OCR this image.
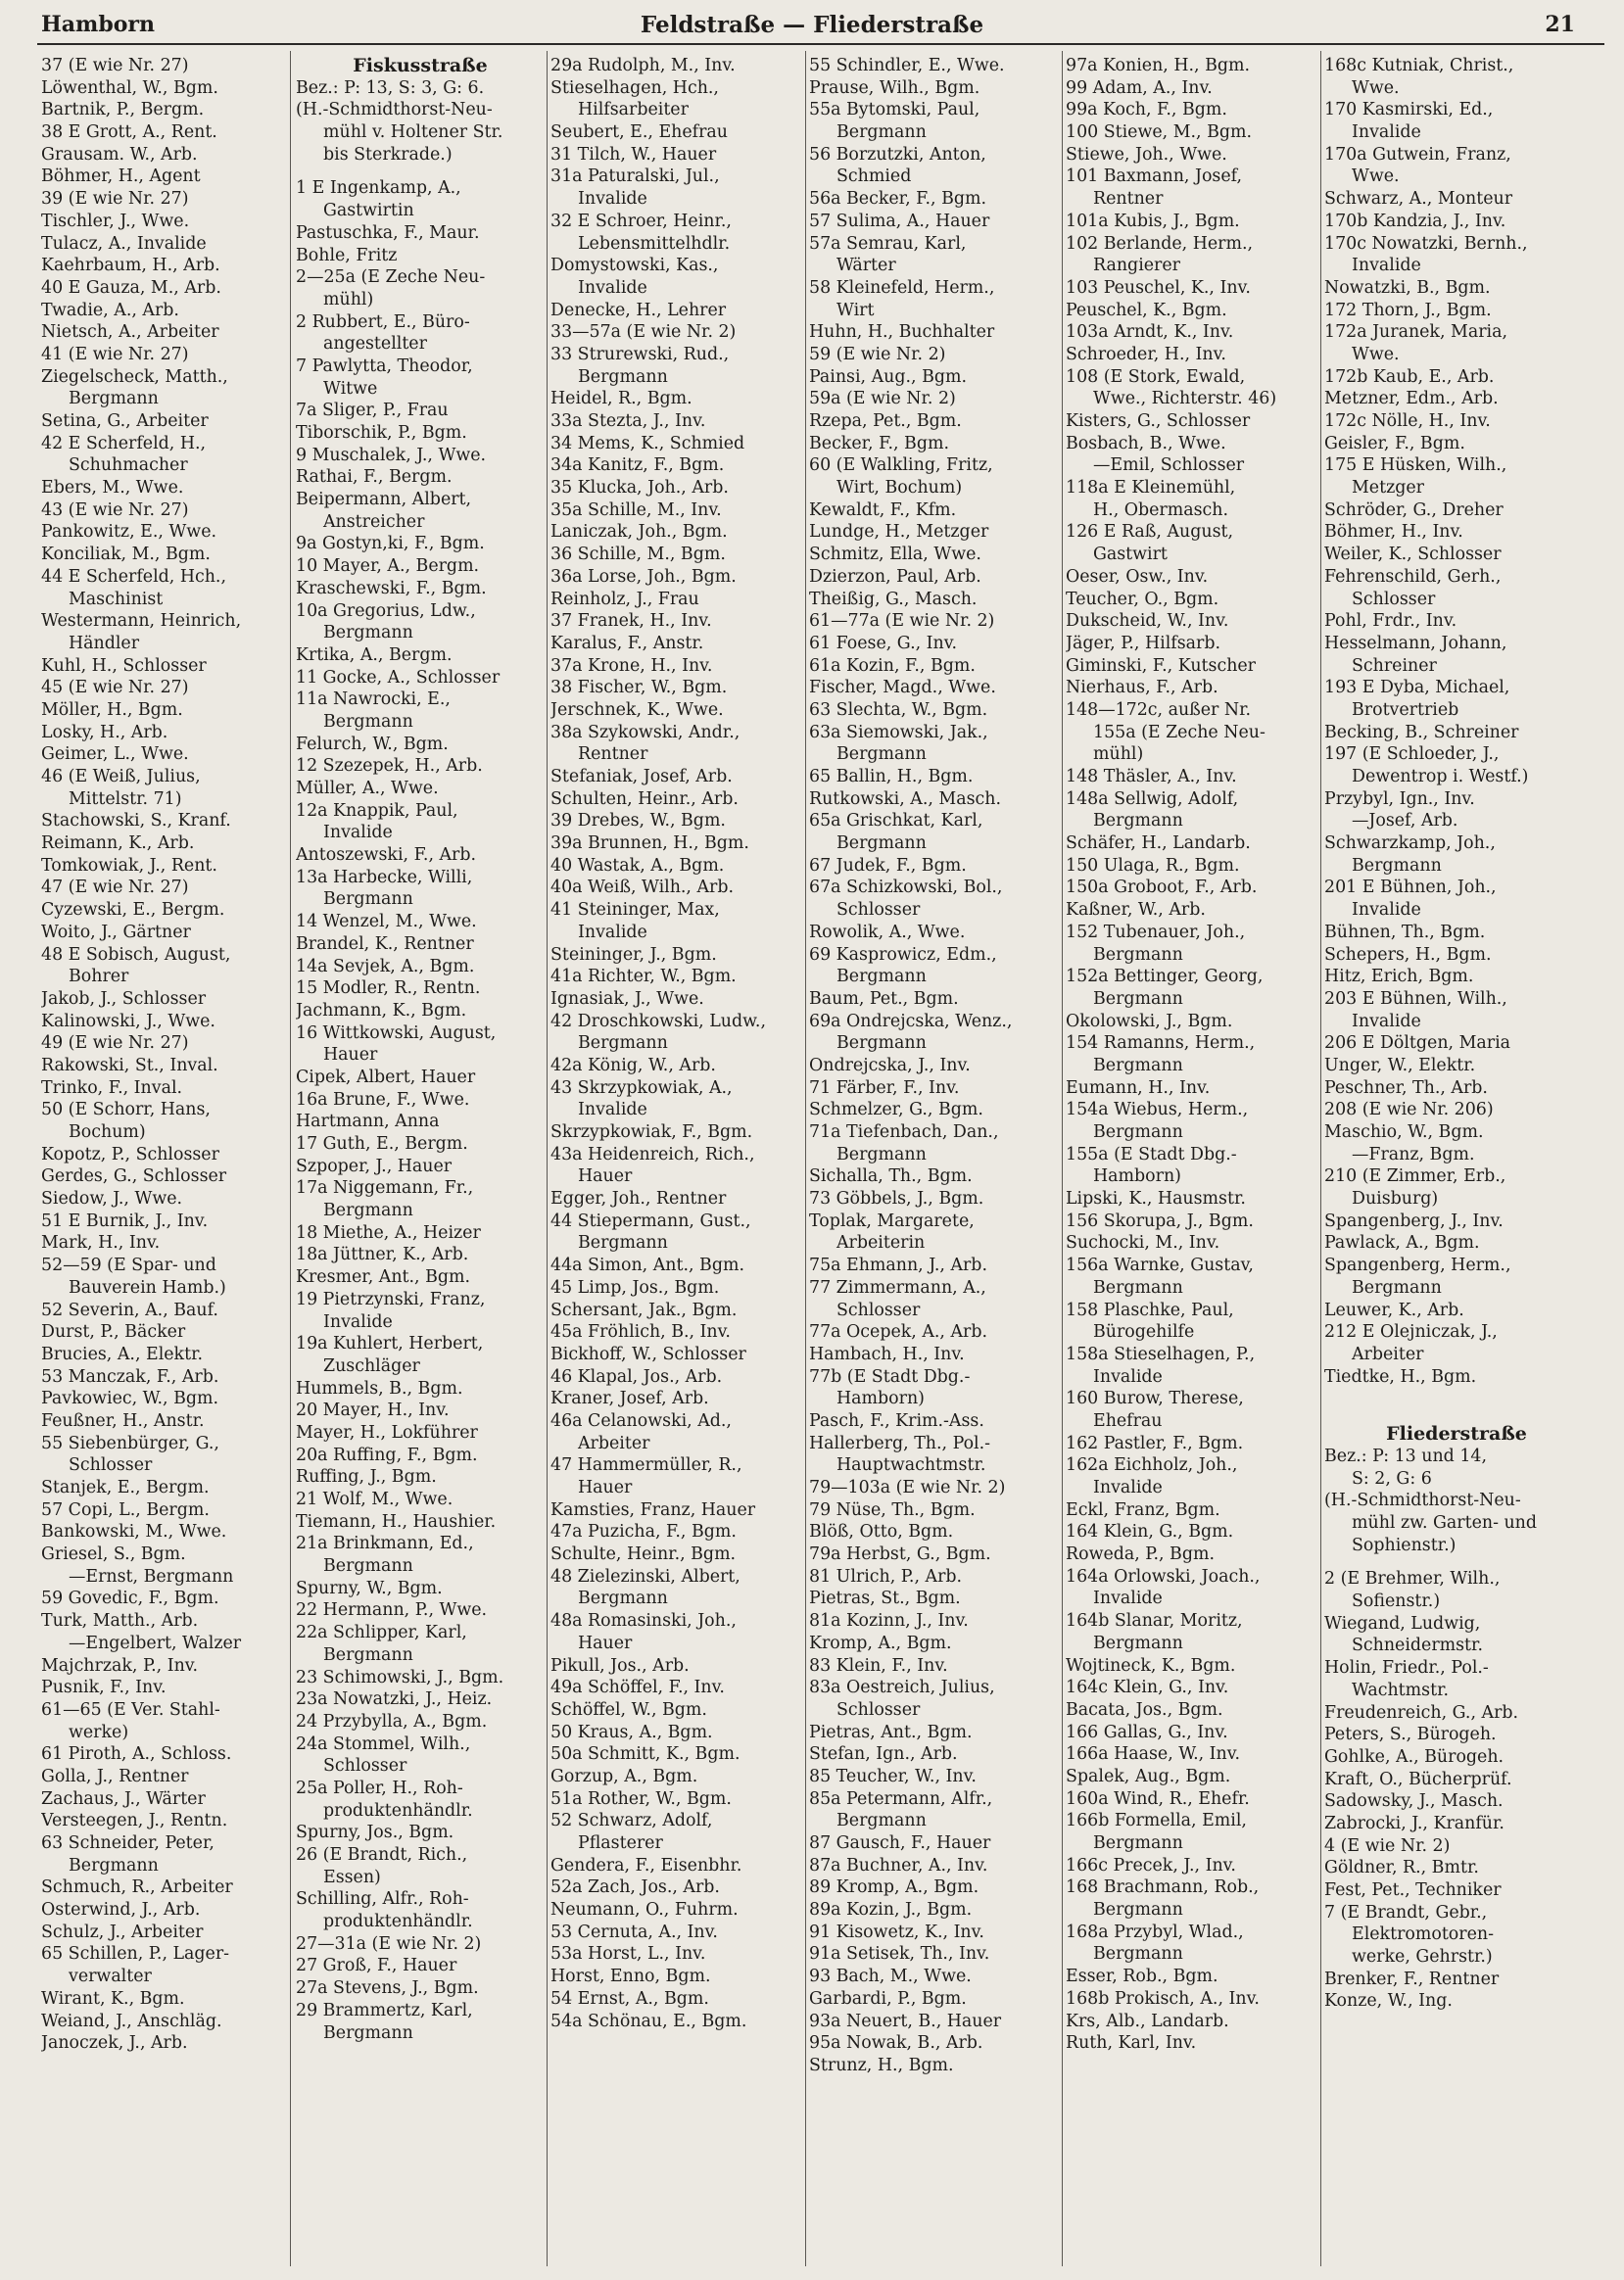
Hamborn	Feldstraße — Fliederstraße	21
37 (E wie Nr. 27)
Löwenthal, W., Bgm.
Bartnik, P., Bergm.
38 E Grott, A., Rent.
Grausam. W., Arb.
Böhmer, H., Agent
39 (E wie Nr. 27)
Tischler, J., Wwe.
Tulacz, A., Invalide
Kaehrbaum, H., Arb.
40 E Gauza, M., Arb.
Twadie, A., Arb.
Nietsch, A., Arbeiter
41 (E wie Nr. 27)
Ziegelscheck, Matth.,
Bergmann
Setina, G., Arbeiter
42 E Scherfeld, H.,
Schuhmacher
Ebers, M., Wwe.
43 (E wie Nr. 27)
Pankowitz, E., Wwe.
Konciliak, M., Bgm.
44 E Scherfeld, Hch.,
Maschinist
Westermann, Heinrich,
Händler
Kuhl, H., Schlosser
45 (E wie Nr. 27)
Möller, H., Bgm.
Losky, H., Arb.
Geimer, L., Wwe.
46 (E Weiß, Julius,
Mittelstr. 71)
Stachowski, S., Kranf.
Reimann, K., Arb.
Tomkowiak, J., Rent.
47 (E wie Nr. 27)
Cyzewski, E., Bergm.
Woito, J., Gärtner
48 E Sobisch, August,
Bohrer
Jakob, J., Schlosser
Kalinowski, J., Wwe.
49 (E wie Nr. 27)
Rakowski, St., Inval.
Trinko, F., Inval.
50 (E Schorr, Hans,
Bochum)
Kopotz, P., Schlosser
Gerdes, G., Schlosser
Siedow, J., Wwe.
51 E Burnik, J., Inv.
Mark, H., Inv.
52—59 (E Spar- und
Bauverein Hamb.)
52 Severin, A., Bauf.
Durst, P., Bäcker
Brucies, A., Elektr.
53 Manczak, F., Arb.
Pavkowiec, W., Bgm.
Feußner, H., Anstr.
55 Siebenbürger, G.,
Schlosser
Stanjek, E., Bergm.
57 Copi, L., Bergm.
Bankowski, M., Wwe.
Griesel, S., Bgm.
—Ernst, Bergmann
59 Govedic, F., Bgm.
Turk, Matth., Arb.
—Engelbert, Walzer
Majchrzak, P., Inv.
Pusnik, F., Inv.
61—65 (E Ver. Stahl-
werke)
61 Piroth, A., Schloss.
Golla, J., Rentner
Zachaus, J., Wärter
Versteegen, J., Rentn.
63 Schneider, Peter,
Bergmann
Schmuch, R., Arbeiter
Osterwind, J., Arb.
Schulz, J., Arbeiter
65 Schillen, P., Lager-
verwalter
Wirant, K., Bgm.
Weiand, J., Anschläg.
Janoczek, J., Arb.
Fiskusstraße
Bez.: P: 13, S: 3, G: 6.
(H.-Schmidthorst-Neu-
mühl v. Holtener Str.
bis Sterkrade.)
1 E Ingenkamp, A.,
Gastwirtin
Pastuschka, F., Maur.
Bohle, Fritz
2—25a (E Zeche Neu-
mühl)
2 Rubbert, E., Büro-
angestellter
7 Pawlytta, Theodor,
Witwe
7a Sliger, P., Frau
Tiborschik, P., Bgm.
9 Muschalek, J., Wwe.
Rathai, F., Bergm.
Beipermann, Albert,
Anstreicher
9a Gostyn,ki, F., Bgm.
10 Mayer, A., Bergm.
Kraschewski, F., Bgm.
10a Gregorius, Ldw.,
Bergmann
Krtika, A., Bergm.
11 Gocke, A., Schlosser
11a Nawrocki, E.,
Bergmann
Felurch, W., Bgm.
12 Szezepek, H., Arb.
Müller, A., Wwe.
12a Knappik, Paul,
Invalide
Antoszewski, F., Arb.
13a Harbecke, Willi,
Bergmann
14 Wenzel, M., Wwe.
Brandel, K., Rentner
14a Sevjek, A., Bgm.
15 Modler, R., Rentn.
Jachmann, K., Bgm.
16 Wittkowski, August,
Hauer
Cipek, Albert, Hauer
16a Brune, F., Wwe.
Hartmann, Anna
17 Guth, E., Bergm.
Szpoper, J., Hauer
17a Niggemann, Fr.,
Bergmann
18 Miethe, A., Heizer
18a Jüttner, K., Arb.
Kresmer, Ant., Bgm.
19 Pietrzynski, Franz,
Invalide
19a Kuhlert, Herbert,
Zuschläger
Hummels, B., Bgm.
20 Mayer, H., Inv.
Mayer, H., Lokführer
20a Ruffing, F., Bgm.
Ruffing, J., Bgm.
21 Wolf, M., Wwe.
Tiemann, H., Haushier.
21a Brinkmann, Ed.,
Bergmann
Spurny, W., Bgm.
22 Hermann, P., Wwe.
22a Schlipper, Karl,
Bergmann
23 Schimowski, J., Bgm.
23a Nowatzki, J., Heiz.
24 Przybylla, A., Bgm.
24a Stommel, Wilh.,
Schlosser
25a Poller, H., Roh-
produktenhändlr.
Spurny, Jos., Bgm.
26 (E Brandt, Rich.,
Essen)
Schilling, Alfr., Roh-
produktenhändlr.
27—31a (E wie Nr. 2)
27 Groß, F., Hauer
27a Stevens, J., Bgm.
29 Brammertz, Karl,
Bergmann
29a Rudolph, M., Inv.
Stieselhagen, Hch.,
Hilfsarbeiter
Seubert, E., Ehefrau
31 Tilch, W., Hauer
31a Paturalski, Jul.,
Invalide
32 E Schroer, Heinr.,
Lebensmittelhdlr.
Domystowski, Kas.,
Invalide
Denecke, H., Lehrer
33—57a (E wie Nr. 2)
33 Strurewski, Rud.,
Bergmann
Heidel, R., Bgm.
33a Stezta, J., Inv.
34 Mems, K., Schmied
34a Kanitz, F., Bgm.
35 Klucka, Joh., Arb.
35a Schille, M., Inv.
Laniczak, Joh., Bgm.
36 Schille, M., Bgm.
36a Lorse, Joh., Bgm.
Reinholz, J., Frau
37 Franek, H., Inv.
Karalus, F., Anstr.
37a Krone, H., Inv.
38 Fischer, W., Bgm.
Jerschnek, K., Wwe.
38a Szykowski, Andr.,
Rentner
Stefaniak, Josef, Arb.
Schulten, Heinr., Arb.
39 Drebes, W., Bgm.
39a Brunnen, H., Bgm.
40 Wastak, A., Bgm.
40a Weiß, Wilh., Arb.
41 Steininger, Max,
Invalide
Steininger, J., Bgm.
41a Richter, W., Bgm.
Ignasiak, J., Wwe.
42 Droschkowski, Ludw.,
Bergmann
42a König, W., Arb.
43 Skrzypkowiak, A.,
Invalide
Skrzypkowiak, F., Bgm.
43a Heidenreich, Rich.,
Hauer
Egger, Joh., Rentner
44 Stiepermann, Gust.,
Bergmann
44a Simon, Ant., Bgm.
45 Limp, Jos., Bgm.
Schersant, Jak., Bgm.
45a Fröhlich, B., Inv.
Bickhoff, W., Schlosser
46 Klapal, Jos., Arb.
Kraner, Josef, Arb.
46a Celanowski, Ad.,
Arbeiter
47 Hammermüller, R.,
Hauer
Kamsties, Franz, Hauer
47a Puzicha, F., Bgm.
Schulte, Heinr., Bgm.
48 Zielezinski, Albert,
Bergmann
48a Romasinski, Joh.,
Hauer
Pikull, Jos., Arb.
49a Schöffel, F., Inv.
Schöffel, W., Bgm.
50 Kraus, A., Bgm.
50a Schmitt, K., Bgm.
Gorzup, A., Bgm.
51a Rother, W., Bgm.
52 Schwarz, Adolf,
Pflasterer
Gendera, F., Eisenbhr.
52a Zach, Jos., Arb.
Neumann, O., Fuhrm.
53 Cernuta, A., Inv.
53a Horst, L., Inv.
Horst, Enno, Bgm.
54 Ernst, A., Bgm.
54a Schönau, E., Bgm.
55 Schindler, E., Wwe.
Prause, Wilh., Bgm.
55a Bytomski, Paul,
Bergmann
56 Borzutzki, Anton,
Schmied
56a Becker, F., Bgm.
57 Sulima, A., Hauer
57a Semrau, Karl,
Wärter
58 Kleinefeld, Herm.,
Wirt
Huhn, H., Buchhalter
59 (E wie Nr. 2)
Painsi, Aug., Bgm.
59a (E wie Nr. 2)
Rzepa, Pet., Bgm.
Becker, F., Bgm.
60 (E Walkling, Fritz,
Wirt, Bochum)
Kewaldt, F., Kfm.
Lundge, H., Metzger
Schmitz, Ella, Wwe.
Dzierzon, Paul, Arb.
Theißig, G., Masch.
61—77a (E wie Nr. 2)
61 Foese, G., Inv.
61a Kozin, F., Bgm.
Fischer, Magd., Wwe.
63 Slechta, W., Bgm.
63a Siemowski, Jak.,
Bergmann
65 Ballin, H., Bgm.
Rutkowski, A., Masch.
65a Grischkat, Karl,
Bergmann
67 Judek, F., Bgm.
67a Schizkowski, Bol.,
Schlosser
Rowolik, A., Wwe.
69 Kasprowicz, Edm.,
Bergmann
Baum, Pet., Bgm.
69a Ondrejcska, Wenz.,
Bergmann
Ondrejcska, J., Inv.
71 Färber, F., Inv.
Schmelzer, G., Bgm.
71a Tiefenbach, Dan.,
Bergmann
Sichalla, Th., Bgm.
73 Göbbels, J., Bgm.
Toplak, Margarete,
Arbeiterin
75a Ehmann, J., Arb.
77 Zimmermann, A.,
Schlosser
77a Ocepek, A., Arb.
Hambach, H., Inv.
77b (E Stadt Dbg.-
Hamborn)
Pasch, F., Krim.-Ass.
Hallerberg, Th., Pol.-
Hauptwachtmstr.
79—103a (E wie Nr. 2)
79 Nüse, Th., Bgm.
Blöß, Otto, Bgm.
79a Herbst, G., Bgm.
81 Ulrich, P., Arb.
Pietras, St., Bgm.
81a Kozinn, J., Inv.
Kromp, A., Bgm.
83 Klein, F., Inv.
83a Oestreich, Julius,
Schlosser
Pietras, Ant., Bgm.
Stefan, Ign., Arb.
85 Teucher, W., Inv.
85a Petermann, Alfr.,
Bergmann
87 Gausch, F., Hauer
87a Buchner, A., Inv.
89 Kromp, A., Bgm.
89a Kozin, J., Bgm.
91 Kisowetz, K., Inv.
91a Setisek, Th., Inv.
93 Bach, M., Wwe.
Garbardi, P., Bgm.
93a Neuert, B., Hauer
95a Nowak, B., Arb.
Strunz, H., Bgm.
97a Konien, H., Bgm.
99 Adam, A., Inv.
99a Koch, F., Bgm.
100 Stiewe, M., Bgm.
Stiewe, Joh., Wwe.
101 Baxmann, Josef,
Rentner
101a Kubis, J., Bgm.
102 Berlande, Herm.,
Rangierer
103 Peuschel, K., Inv.
Peuschel, K., Bgm.
103a Arndt, K., Inv.
Schroeder, H., Inv.
108 (E Stork, Ewald,
Wwe., Richterstr. 46)
Kisters, G., Schlosser
Bosbach, B., Wwe.
—Emil, Schlosser
118a E Kleinemühl,
H., Obermasch.
126 E Raß, August,
Gastwirt
Oeser, Osw., Inv.
Teucher, O., Bgm.
Dukscheid, W., Inv.
Jäger, P., Hilfsarb.
Giminski, F., Kutscher
Nierhaus, F., Arb.
148—172c, außer Nr.
155a (E Zeche Neu-
mühl)
148 Thäsler, A., Inv.
148a Sellwig, Adolf,
Bergmann
Schäfer, H., Landarb.
150 Ulaga, R., Bgm.
150a Groboot, F., Arb.
Kaßner, W., Arb.
152 Tubenauer, Joh.,
Bergmann
152a Bettinger, Georg,
Bergmann
Okolowski, J., Bgm.
154 Ramanns, Herm.,
Bergmann
Eumann, H., Inv.
154a Wiebus, Herm.,
Bergmann
155a (E Stadt Dbg.-
Hamborn)
Lipski, K., Hausmstr.
156 Skorupa, J., Bgm.
Suchocki, M., Inv.
156a Warnke, Gustav,
Bergmann
158 Plaschke, Paul,
Bürogehilfe
158a Stieselhagen, P.,
Invalide
160 Burow, Therese,
Ehefrau
162 Pastler, F., Bgm.
162a Eichholz, Joh.,
Invalide
Eckl, Franz, Bgm.
164 Klein, G., Bgm.
Roweda, P., Bgm.
164a Orlowski, Joach.,
Invalide
164b Slanar, Moritz,
Bergmann
Wojtineck, K., Bgm.
164c Klein, G., Inv.
Bacata, Jos., Bgm.
166 Gallas, G., Inv.
166a Haase, W., Inv.
Spalek, Aug., Bgm.
160a Wind, R., Ehefr.
166b Formella, Emil,
Bergmann
166c Precek, J., Inv.
168 Brachmann, Rob.,
Bergmann
168a Przybyl, Wlad.,
Bergmann
Esser, Rob., Bgm.
168b Prokisch, A., Inv.
Krs, Alb., Landarb.
Ruth, Karl, Inv.
168c Kutniak, Christ.,
Wwe.
170 Kasmirski, Ed.,
Invalide
170a Gutwein, Franz,
Wwe.
Schwarz, A., Monteur
170b Kandzia, J., Inv.
170c Nowatzki, Bernh.,
Invalide
Nowatzki, B., Bgm.
172 Thorn, J., Bgm.
172a Juranek, Maria,
Wwe.
172b Kaub, E., Arb.
Metzner, Edm., Arb.
172c Nölle, H., Inv.
Geisler, F., Bgm.
175 E Hüsken, Wilh.,
Metzger
Schröder, G., Dreher
Böhmer, H., Inv.
Weiler, K., Schlosser
Fehrenschild, Gerh.,
Schlosser
Pohl, Frdr., Inv.
Hesselmann, Johann,
Schreiner
193 E Dyba, Michael,
Brotvertrieb
Becking, B., Schreiner
197 (E Schloeder, J.,
Dewentrop i. Westf.)
Przybyl, Ign., Inv.
—Josef, Arb.
Schwarzkamp, Joh.,
Bergmann
201 E Bühnen, Joh.,
Invalide
Bühnen, Th., Bgm.
Schepers, H., Bgm.
Hitz, Erich, Bgm.
203 E Bühnen, Wilh.,
Invalide
206 E Döltgen, Maria
Unger, W., Elektr.
Peschner, Th., Arb.
208 (E wie Nr. 206)
Maschio, W., Bgm.
—Franz, Bgm.
210 (E Zimmer, Erb.,
Duisburg)
Spangenberg, J., Inv.
Pawlack, A., Bgm.
Spangenberg, Herm.,
Bergmann
Leuwer, K., Arb.
212 E Olejniczak, J.,
Arbeiter
Tiedtke, H., Bgm.
Fliederstraße
Bez.: P: 13 und 14,
S: 2, G: 6
(H.-Schmidthorst-Neu-
mühl zw. Garten- und
Sophienstr.)
2 (E Brehmer, Wilh.,
Sofienstr.)
Wiegand, Ludwig,
Schneidermstr.
Holin, Friedr., Pol.-
Wachtmstr.
Freudenreich, G., Arb.
Peters, S., Bürogeh.
Gohlke, A., Bürogeh.
Kraft, O., Bücherprüf.
Sadowsky, J., Masch.
Zabrocki, J., Kranfür.
4 (E wie Nr. 2)
Göldner, R., Bmtr.
Fest, Pet., Techniker
7 (E Brandt, Gebr.,
Elektromotoren-
werke, Gehrstr.)
Brenker, F., Rentner
Konze, W., Ing.
